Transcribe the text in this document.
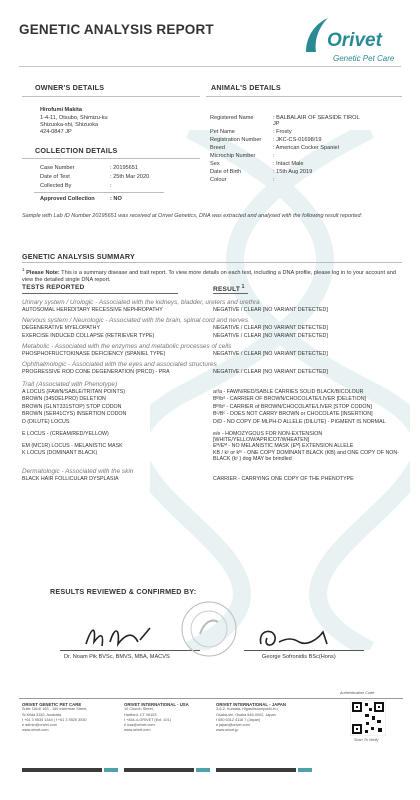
GENETIC ANALYSIS REPORT
Orivet
Genetic Pet Care
OWNER'S DETAILS
Hirofumi Makita
1-4-11, Otsubo, Shimizu-ku
Shizuoka-shi, Shizuoka
424-0847 JP
COLLECTION DETAILS
Case Number	: 20195651
Date of Test	: 25th Mar 2020
Collected By	:
Approved Collection	: NO
ANIMAL'S DETAILS
Registered Name	: BALBALAIR OF SEASIDE TIROL
JP
Pet Name	: Frosty
Registration Number : JKC-CS-01698/19
Breed	: American Cocker Spaniel
Microchip Number	:
Sex	: Intact Male
Date of Birth	: 15th Aug 2019
Colour	:
Sample with Lab ID Number 20195651 was received at Orivet Genetics, DNA was extracted and analysed with the following result reported:
GENETIC ANALYSIS SUMMARY
$^1$ Please Note: This is a summary disease and trait report. To view more details on each test, including a DNA profile, please log in to your account and view the detailed single DNA report.
TESTS REPORTED	RESULT $^1$
Urinary system / Urologic - Associated with the kidneys, bladder, ureters and urethra
AUTOSOMAL HEREDITARY RECESSIVE NEPHROPATHY	NEGATIVE / CLEAR [NO VARIANT DETECTED]
Nervous system / Neurologic - Associated with the brain, spinal cord and nerves
DEGENERATIVE MYELOPATHY	NEGATIVE / CLEAR [NO VARIANT DETECTED]
EXERCISE INDUCED COLLAPSE (RETRIEVER TYPE)	NEGATIVE / CLEAR [NO VARIANT DETECTED]
Metabolic - Associated with the enzymes and metabolic processes of cells
PHOSPHOFRUCTOKINASE DEFICIENCY (SPANIEL TYPE)	NEGATIVE / CLEAR [NO VARIANT DETECTED]
Ophthalmologic - Associated with the eyes and associated structures
PROGRESSIVE ROD CONE DEGENERATION (PRCD) - PRA	NEGATIVE / CLEAR [NO VARIANT DETECTED]
Trait (Associated with Phenotype)
A LOCUS (FAWN/SABLE/TRITAN POINTS)	aʸ/a - FAWN/RED/SABLE CARRIES SOLID BLACK/BICOLOUR
BROWN (345DELPRO) DELETION	Bᴮ/bᵈ - CARRIER OF BROWN/CHOCOLATE/LIVER [DELETION]
BROWN (GLNT331STOP) STOP CODON	Bᴮ/bˢ - CARRIER of BROWN/CHOCOLATE/LIVER [STOP CODON]
BROWN (SER41CYS) INSERTION CODON	Bᶜ/Bᶜ - DOES NOT CARRY BROWN or CHOCOLATE [INSERTION]
D (DILUTE) LOCUS	D/D - NO COPY OF MLPH-D ALLELE (DILUTE) - PIGMENT IS NORMAL
E LOCUS - (CREAM/RED/YELLOW)	e/e - HOMOZYGOUS FOR NON-EXTENSION [WHITE/YELLOW/APRICOT/WHEATEN]
EM (MC1R) LOCUS - MELANISTIC MASK	Eᴹ/Eᴹ - NO MELANISTIC MASK (Eᴹ) EXTENSION ALLELE
K LOCUS (DOMINANT BLACK)	KB / kʸ or kᵇʳ - ONE COPY DOMINANT BLACK (KB) and ONE COPY OF NON-BLACK (kʸ ) dog MAY be brindled
Dermatologic - Associated with the skin
BLACK HAIR FOLLICULAR DYSPLASIA	CARRIER - CARRYING ONE COPY OF THE PHENOTYPE
RESULTS REVIEWED & CONFIRMED BY:
Dr. Noam Pik BVSc, BMVS, MBA, MACVS	George Sofronidis BSc(Hons)
ORIVET GENETIC PET CARE
Suite 1814/ 163 - 169 Inkerman Street,
St Kilda 3182, Australia
t +61 3 9534 1344 | f +61 3 9525 3530
e admin@orivet.com
www.orivet.com
ORIVET INTERNATIONAL - USA
10 Church Street,
Hartford, CT 06103
t +844-4-ORIVET (Ext. 101)
e usa@orivet.com
www.orivet.com
ORIVET INTERNATIONAL - JAPAN
3-6-2, Kumata, Higashisumiyoshi-Ku,
Osaka-shi, Osaka 546-0002, Japan
t 080 6312 4118 7 (Japan)
e japan@orivet.com
www.orivet.jp
Authentication Code
Scan To Verify
